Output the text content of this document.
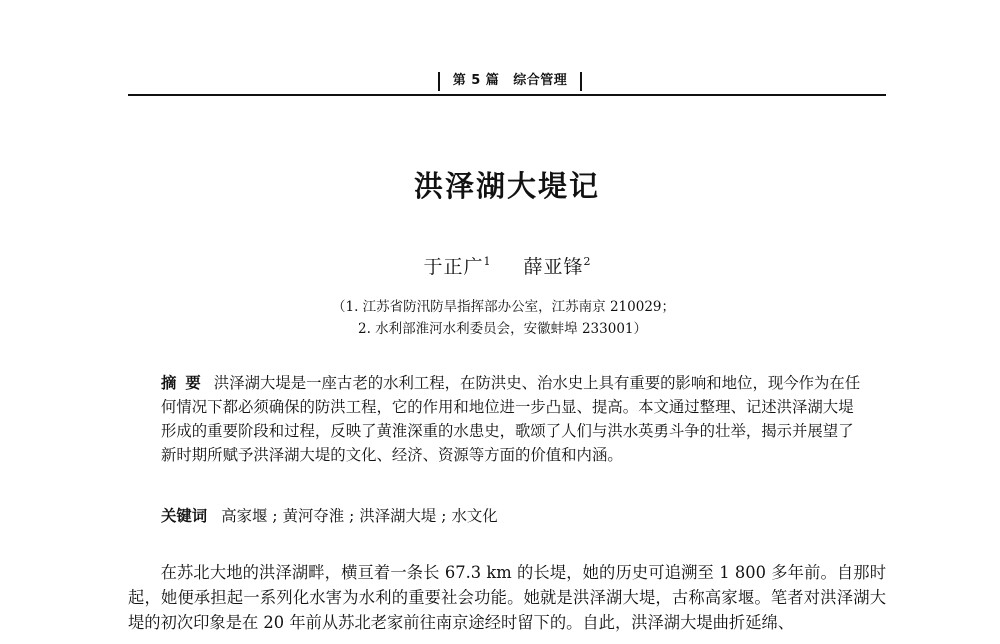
第 5 篇 综合管理
洪泽湖大堤记
于正广$^1$ 薛亚锋$^2$
（1. 江苏省防汛防旱指挥部办公室，江苏南京 210029；
2. 水利部淮河水利委员会，安徽蚌埠 233001）

摘要 洪泽湖大堤是一座古老的水利工程，在防洪史、治水史上具有重要的影响和地位，现今作为在任何情况下都必须确保的防洪工程，它的作用和地位进一步凸显、提高。本文通过整理、记述洪泽湖大堤形成的重要阶段和过程，反映了黄淮深重的水患史，歌颂了人们与洪水英勇斗争的壮举，揭示并展望了新时期所赋予洪泽湖大堤的文化、经济、资源等方面的价值和内涵。

关键词 高家堰 ; 黄河夺淮 ; 洪泽湖大堤 ; 水文化

在苏北大地的洪泽湖畔，横亘着一条长 67.3 km 的长堤，她的历史可追溯至 1 800 多年前。自那时起，她便承担起一系列化水害为水利的重要社会功能。她就是洪泽湖大堤，古称高家堰。笔者对洪泽湖大堤的初次印象是在 20 年前从苏北老家前往南京途经时留下的。自此，洪泽湖大堤曲折延绵、
